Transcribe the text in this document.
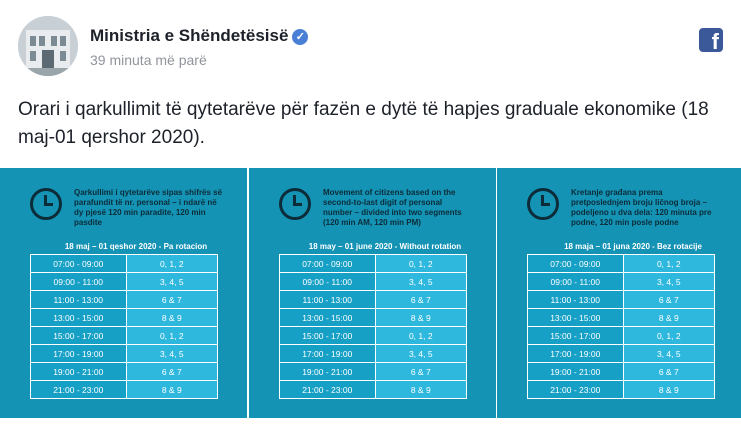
Ministria e Shëndetësisë ✓
39 minuta më parë
f
Orari i qarkullimit të qytetarëve për fazën e dytë të hapjes graduale ekonomike (18 maj-01 qershor 2020).
Qarkullimi i qytetarëve sipas shifrës së parafundit të nr. personal – i ndarë në dy pjesë 120 min paradite, 120 min pasdite
18 maj – 01 qeshor 2020 - Pa rotacion
07:00 - 09:00	0, 1, 2
09:00 - 11:00	3, 4, 5
11:00 - 13:00	6 & 7
13:00 - 15:00	8 & 9
15:00 - 17:00	0, 1, 2
17:00 - 19:00	3, 4, 5
19:00 - 21:00	6 & 7
21:00 - 23:00	8 & 9
Movement of citizens based on the second-to-last digit of personal number – divided into two segments (120 min AM, 120 min PM)
18 may – 01 june 2020 - Without rotation
07:00 - 09:00	0, 1, 2
09:00 - 11:00	3, 4, 5
11:00 - 13:00	6 & 7
13:00 - 15:00	8 & 9
15:00 - 17:00	0, 1, 2
17:00 - 19:00	3, 4, 5
19:00 - 21:00	6 & 7
21:00 - 23:00	8 & 9
Kretanje građana prema pretposlednjem broju ličnog broja – podeljeno u dva dela: 120 minuta pre podne, 120 min posle podne
18 maja – 01 juna 2020 - Bez rotacije
07:00 - 09:00	0, 1, 2
09:00 - 11:00	3, 4, 5
11:00 - 13:00	6 & 7
13:00 - 15:00	8 & 9
15:00 - 17:00	0, 1, 2
17:00 - 19:00	3, 4, 5
19:00 - 21:00	6 & 7
21:00 - 23:00	8 & 9
